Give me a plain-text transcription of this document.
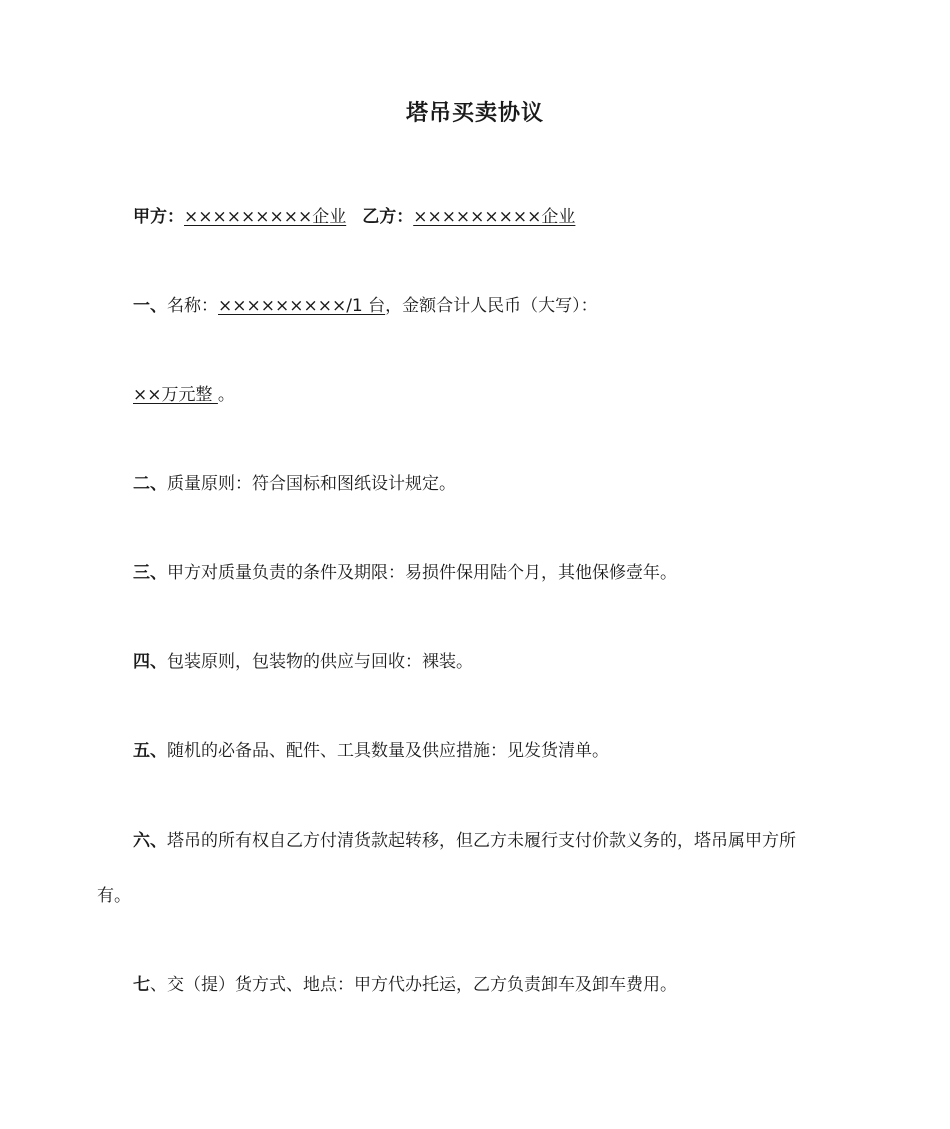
塔吊买卖协议
甲方：×××××××××企业 乙方：×××××××××企业
一、名称：×××××××××/1 台，金额合计人民币（大写）：
××万元整 。
二、质量原则：符合国标和图纸设计规定。
三、甲方对质量负责的条件及期限：易损件保用陆个月，其他保修壹年。
四、包装原则，包装物的供应与回收：裸装。
五、随机的必备品、配件、工具数量及供应措施：见发货清单。
六、塔吊的所有权自乙方付清货款起转移，但乙方未履行支付价款义务的，塔吊属甲方所
有。
七、交（提）货方式、地点：甲方代办托运，乙方负责卸车及卸车费用。
